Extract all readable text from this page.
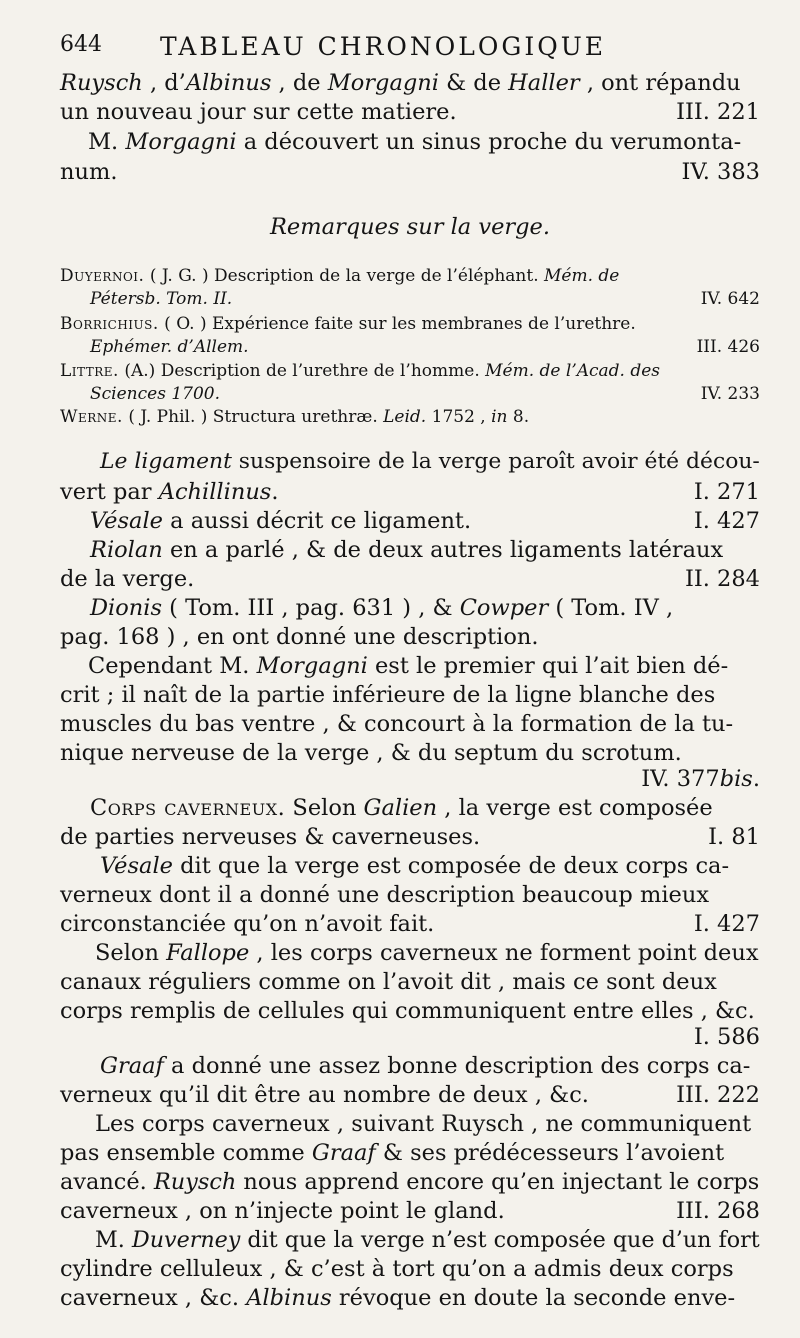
644 TABLEAU CHRONOLOGIQUE
Ruysch , d’Albinus , de Morgagni & de Haller , ont répandu
un nouveau jour sur cette matiere.	III. 221
M. Morgagni a découvert un sinus proche du verumonta-
num.	IV. 383
Remarques sur la verge.
Duyernoi. ( J. G. ) Description de la verge de l’éléphant. Mém. de
Pétersb. Tom. II.	IV. 642
Borrichius. ( O. ) Expérience faite sur les membranes de l’urethre.
Ephémer. d’Allem.	III. 426
Littre. (A.) Description de l’urethre de l’homme. Mém. de l’Acad. des
Sciences 1700.	IV. 233
Werne. ( J. Phil. ) Structura urethræ. Leid. 1752 , in 8.
Le ligament suspensoire de la verge paroît avoir été décou-
vert par Achillinus.	I. 271
Vésale a aussi décrit ce ligament.	I. 427
Riolan en a parlé , & de deux autres ligaments latéraux
de la verge.	II. 284
Dionis ( Tom. III , pag. 631 ) , & Cowper ( Tom. IV ,
pag. 168 ) , en ont donné une description.
Cependant M. Morgagni est le premier qui l’ait bien dé-
crit ; il naît de la partie inférieure de la ligne blanche des
muscles du bas ventre , & concourt à la formation de la tu-
nique nerveuse de la verge , & du septum du scrotum.
IV. 377bis.
Corps caverneux. Selon Galien , la verge est composée
de parties nerveuses & caverneuses.	I. 81
Vésale dit que la verge est composée de deux corps ca-
verneux dont il a donné une description beaucoup mieux
circonstanciée qu’on n’avoit fait.	I. 427
Selon Fallope , les corps caverneux ne forment point deux
canaux réguliers comme on l’avoit dit , mais ce sont deux
corps remplis de cellules qui communiquent entre elles , &c.
I. 586
Graaf a donné une assez bonne description des corps ca-
verneux qu’il dit être au nombre de deux , &c.	III. 222
Les corps caverneux , suivant Ruysch , ne communiquent
pas ensemble comme Graaf & ses prédécesseurs l’avoient
avancé. Ruysch nous apprend encore qu’en injectant le corps
caverneux , on n’injecte point le gland.	III. 268
M. Duverney dit que la verge n’est composée que d’un fort
cylindre celluleux , & c’est à tort qu’on a admis deux corps
caverneux , &c. Albinus révoque en doute la seconde enve-
